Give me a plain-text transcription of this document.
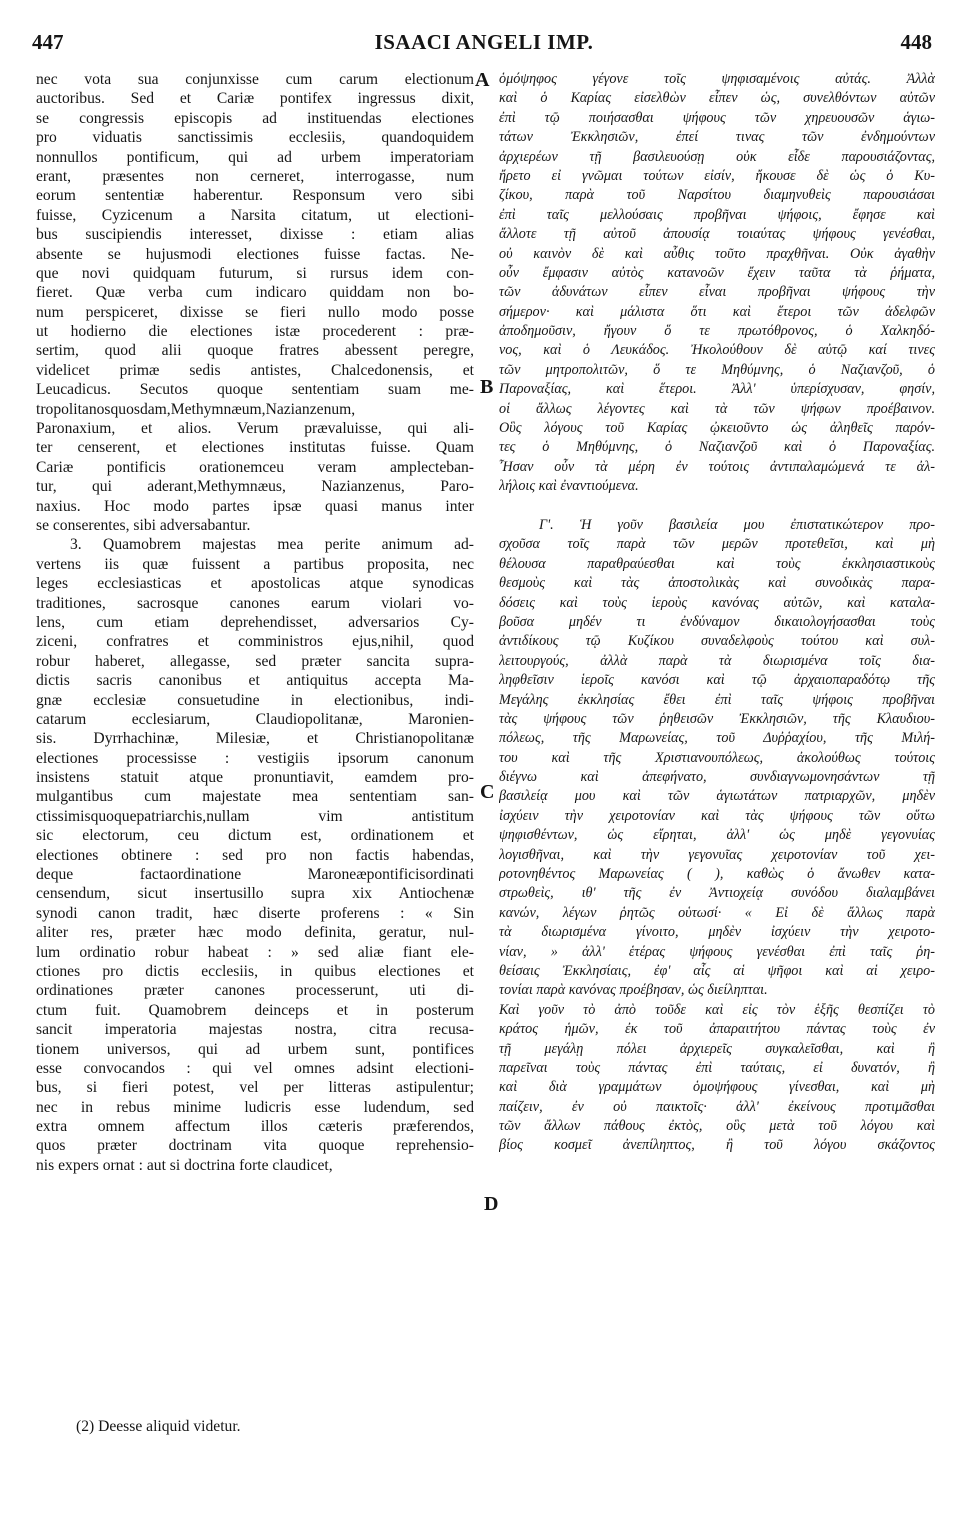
447	ISAACI ANGELI IMP.	448
nec vota sua conjunxisse cum carum electionum
auctoribus. Sed et Cariæ pontifex ingressus dixit,
se congressis episcopis ad instituendas electiones
pro viduatis sanctissimis ecclesiis, quandoquidem
nonnullos pontificum, qui ad urbem imperatoriam
erant, præsentes non cerneret, interrogasse, num
eorum sententiæ haberentur. Responsum vero sibi
fuisse, Cyzicenum a Narsita citatum, ut electioni-
bus suscipiendis interesset, dixisse : etiam alias
absente se hujusmodi electiones fuisse factas. Ne-
que novi quidquam futurum, si rursus idem con-
fieret. Quæ verba cum indicaro quiddam non bo-
num perspiceret, dixisse se fieri nullo modo posse
ut hodierno die electiones istæ procederent : præ-
sertim, quod alii quoque fratres abessent peregre,
videlicet primæ sedis antistes, Chalcedonensis, et
Leucadicus. Secutos quoque sententiam suam me-
tropolitanosquosdam,Methymnæum,Nazianzenum,
Paronaxium, et alios. Verum prævaluisse, qui ali-
ter censerent, et electiones institutas fuisse. Quam
Cariæ pontificis orationemceu veram amplecteban-
tur, qui aderant,Methymnæus, Nazianzenus, Paro-
naxius. Hoc modo partes ipsæ quasi manus inter
se conserentes, sibi adversabantur.
3. Quamobrem majestas mea perite animum ad-
vertens iis quæ fuissent a partibus proposita, nec
leges ecclesiasticas et apostolicas atque synodicas
traditiones, sacrosque canones earum violari vo-
lens, cum etiam deprehendisset, adversarios Cy-
ziceni, confratres et comministros ejus,nihil, quod
robur haberet, allegasse, sed præter sancita supra-
dictis sacris canonibus et antiquitus accepta Ma-
gnæ ecclesiæ consuetudine in electionibus, indi-
catarum ecclesiarum, Claudiopolitanæ, Maronien-
sis. Dyrrhachinæ, Milesiæ, et Christianopolitanæ
electiones processisse : vestigiis ipsorum canonum
insistens statuit atque pronuntiavit, eamdem pro-
mulgantibus cum majestate mea sententiam san-
ctissimisquoquepatriarchis,nullam vim antistitum
sic electorum, ceu dictum est, ordinationem et
electiones obtinere : sed pro non factis habendas,
deque factaordinatione Maroneæpontificisordinati
censendum, sicut insertusillo supra xix Antiochenæ
synodi canon tradit, hæc diserte proferens : « Sin
aliter res, præter hæc modo definita, geratur, nul-
lum ordinatio robur habeat : » sed aliæ fiant ele-
ctiones pro dictis ecclesiis, in quibus electiones et
ordinationes præter canones processerunt, uti di-
ctum fuit. Quamobrem deinceps et in posterum
sancit imperatoria majestas nostra, citra recusa-
tionem universos, qui ad urbem sunt, pontifices
esse convocandos : qui vel omnes adsint electioni-
bus, si fieri potest, vel per litteras astipulentur;
nec in rebus minime ludicris esse ludendum, sed
extra omnem affectum illos cæteris præferendos,
quos præter doctrinam vita quoque reprehensio-
nis expers ornat : aut si doctrina forte claudicet,
ὁμόψηφος γέγονε τοῖς ψηφισαμένοις αὐτάς. Ἀλλὰ
καὶ ὁ Καρίας εἰσελθὼν εἶπεν ὡς, συνελθόντων αὐτῶν
ἐπὶ τῷ ποιήσασθαι ψήφους τῶν χηρευουσῶν ἁγιω-
τάτων Ἐκκλησιῶν, ἐπεί τινας τῶν ἐνδημούντων
ἀρχιερέων τῇ βασιλευούσῃ οὐκ εἶδε παρουσιάζοντας,
ἤρετο εἰ γνῶμαι τούτων εἰσίν, ἤκουσε δὲ ὡς ὁ Κυ-
ζίκου, παρὰ τοῦ Ναρσίτου διαμηνυθεὶς παρουσιάσαι
ἐπὶ ταῖς μελλούσαις προβῆναι ψήφοις, ἔφησε καὶ
ἄλλοτε τῇ αὐτοῦ ἀπουσίᾳ τοιαύτας ψήφους γενέσθαι,
οὐ καινὸν δὲ καὶ αὖθις τοῦτο πραχθῆναι. Οὐκ ἀγαθὴν
οὖν ἔμφασιν αὐτὸς κατανοῶν ἔχειν ταῦτα τὰ ῥήματα,
τῶν ἀδυνάτων εἶπεν εἶναι προβῆναι ψήφους τὴν
σήμερον· καὶ μάλιστα ὅτι καὶ ἕτεροι τῶν ἀδελφῶν
ἀποδημοῦσιν, ἤγουν ὅ τε πρωτόθρονος, ὁ Χαλκηδό-
νος, καὶ ὁ Λευκάδος. Ἠκολούθουν δὲ αὐτῷ καί τινες
τῶν μητροπολιτῶν, ὅ τε Μηθύμνης, ὁ Ναζιανζοῦ, ὁ
Παροναξίας, καὶ ἕτεροι. Ἀλλ' ὑπερίσχυσαν, φησίν,
οἱ ἄλλως λέγοντες καὶ τὰ τῶν ψήφων προέβαινον.
Οὓς λόγους τοῦ Καρίας ᾠκειοῦντο ὡς ἀληθεῖς παρόν-
τες ὁ Μηθύμνης, ὁ Ναζιανζοῦ καὶ ὁ Παροναξίας.
Ἦσαν οὖν τὰ μέρη ἐν τούτοις ἀντιπαλαμώμενά τε ἀλ-
λήλοις καὶ ἐναντιούμενα.
Γ'. Ἡ γοῦν βασιλεία μου ἐπιστατικώτερον προ-
σχοῦσα τοῖς παρὰ τῶν μερῶν προτεθεῖσι, καὶ μὴ
θέλουσα παραθραύεσθαι καὶ τοὺς ἐκκλησιαστικοὺς
θεσμοὺς καὶ τὰς ἀποστολικὰς καὶ συνοδικὰς παρα-
δόσεις καὶ τοὺς ἱεροὺς κανόνας αὐτῶν, καὶ καταλα-
βοῦσα μηδέν τι ἐνδύναμον δικαιολογήσασθαι τοὺς
ἀντιδίκους τῷ Κυζίκου συναδελφοὺς τούτου καὶ συλ-
λειτουργούς, ἀλλὰ παρὰ τὰ διωρισμένα τοῖς δια-
ληφθεῖσιν ἱεροῖς κανόσι καὶ τῷ ἀρχαιοπαραδότῳ τῆς
Μεγάλης ἐκκλησίας ἔθει ἐπὶ ταῖς ψήφοις προβῆναι
τὰς ψήφους τῶν ῥηθεισῶν Ἐκκλησιῶν, τῆς Κλαυδιου-
πόλεως, τῆς Μαρωνείας, τοῦ Δυῤῥαχίου, τῆς Μιλή-
του καὶ τῆς Χριστιανουπόλεως, ἀκολούθως τούτοις
διέγνω καὶ ἀπεφήνατο, συνδιαγνωμονησάντων τῇ
βασιλείᾳ μου καὶ τῶν ἁγιωτάτων πατριαρχῶν, μηδὲν
ἰσχύειν τὴν χειροτονίαν καὶ τὰς ψήφους τῶν οὕτω
ψηφισθέντων, ὡς εἴρηται, ἀλλ' ὡς μηδὲ γεγονυίας
λογισθῆναι, καὶ τὴν γεγονυῖας χειροτονίαν τοῦ χει-
ροτονηθέντος Μαρωνείας ( ), καθὼς ὁ ἄνωθεν κατα-
στρωθεὶς, ιθ' τῆς ἐν Ἀντιοχείᾳ συνόδου διαλαμβάνει
κανών, λέγων ῥητῶς οὑτωσί· « Εἰ δὲ ἄλλως παρὰ
τὰ διωρισμένα γίνοιτο, μηδὲν ἰσχύειν τὴν χειροτο-
νίαν, » ἀλλ' ἑτέρας ψήφους γενέσθαι ἐπὶ ταῖς ῥη-
θείσαις Ἐκκλησίαις, ἐφ' αἷς αἱ ψῆφοι καὶ αἱ χειρο-
τονίαι παρὰ κανόνας προέβησαν, ὡς διείληπται.
Καὶ γοῦν τὸ ἀπὸ τοῦδε καὶ εἰς τὸν ἑξῆς θεσπίζει τὸ
κράτος ἡμῶν, ἐκ τοῦ ἀπαραιτήτου πάντας τοὺς ἐν
τῇ μεγάλῃ πόλει ἀρχιερεῖς συγκαλεῖσθαι, καὶ ἢ
παρεῖναι τοὺς πάντας ἐπὶ ταύταις, εἰ δυνατόν, ἢ
καὶ διὰ γραμμάτων ὁμοψήφους γίνεσθαι, καὶ μὴ
παίζειν, ἐν οὐ παικτοῖς· ἀλλ' ἐκείνους προτιμᾶσθαι
τῶν ἄλλων πάθους ἐκτὸς, οὓς μετὰ τοῦ λόγου καὶ
βίος κοσμεῖ ἀνεπίληπτος, ἢ τοῦ λόγου σκάζοντος
A
B
C
D
(2) Deesse aliquid videtur.
